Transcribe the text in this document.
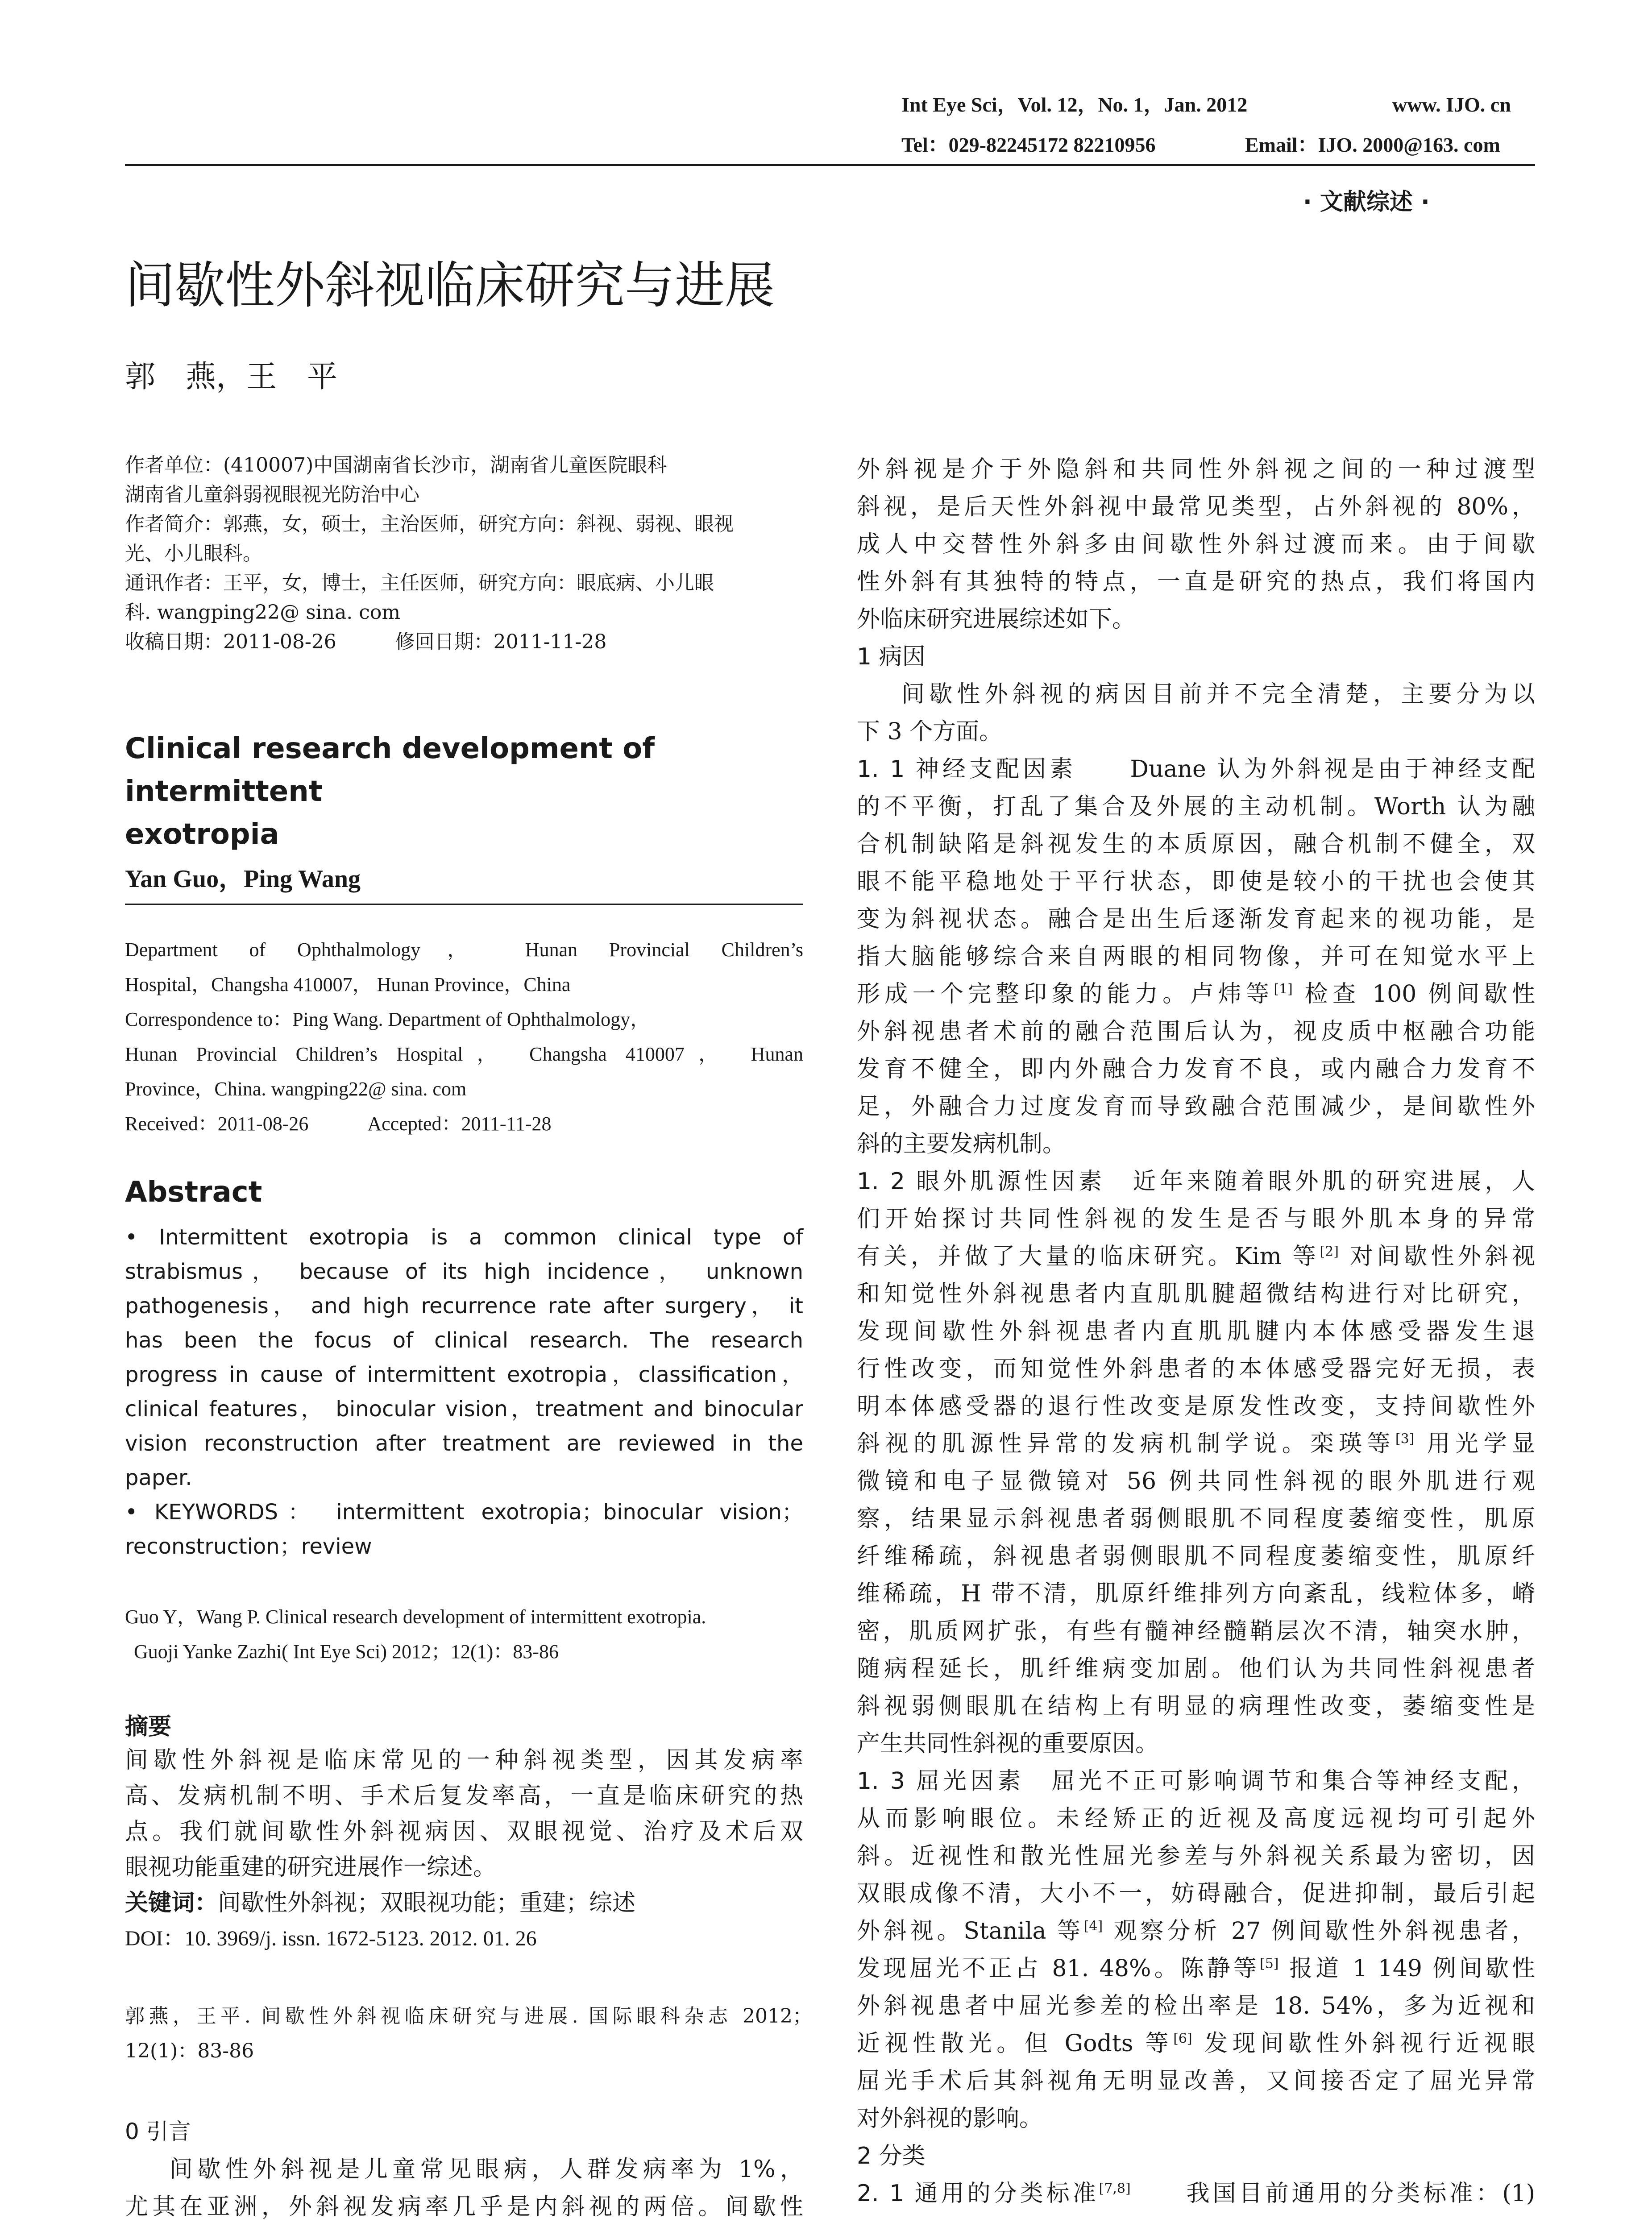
Int Eye Sci，Vol. 12，No. 1，Jan. 2012	www. IJO. cn
Tel：029-82245172 82210956	Email：IJO. 2000@163. com
· 文献综述 ·
间歇性外斜视临床研究与进展
郭　燕，王　平

作者单位：(410007)中国湖南省长沙市，湖南省儿童医院眼科

湖南省儿童斜弱视眼视光防治中心

作者简介：郭燕，女，硕士，主治医师，研究方向：斜视、弱视、眼视

光、小儿眼科。

通讯作者：王平，女，博士，主任医师，研究方向：眼底病、小儿眼

科. wangping22@ sina. com

收稿日期：2011-08-26　　　修回日期：2011-11-28

Clinical research development of intermittent
exotropia
Yan Guo，Ping Wang

Department of Ophthalmology， Hunan Provincial Children’s

Hospital，Changsha 410007， Hunan Province，China

Correspondence to：Ping Wang. Department of Ophthalmology，

Hunan Provincial Children’s Hospital， Changsha 410007， Hunan

Province，China. wangping22@ sina. com

Received：2011-08-26　　　Accepted：2011-11-28

Abstract

• Intermittent exotropia is a common clinical type of

strabismus， because of its high incidence， unknown

pathogenesis， and high recurrence rate after surgery， it

has been the focus of clinical research. The research

progress in cause of intermittent exotropia，classification，

clinical features， binocular vision，treatment and binocular

vision reconstruction after treatment are reviewed in the

paper.

• KEYWORDS： intermittent exotropia；binocular vision；

reconstruction；review

Guo Y，Wang P. Clinical research development of intermittent exotropia.

Guoji Yanke Zazhi( Int Eye Sci) 2012；12(1)：83-86

摘要

间歇性外斜视是临床常见的一种斜视类型，因其发病率

高、发病机制不明、手术后复发率高，一直是临床研究的热

点。我们就间歇性外斜视病因、双眼视觉、治疗及术后双

眼视功能重建的研究进展作一综述。

关键词：间歇性外斜视；双眼视功能；重建；综述

DOI：10. 3969/j. issn. 1672-5123. 2012. 01. 26

郭燕，王平. 间歇性外斜视临床研究与进展. 国际眼科杂志 2012；

12(1)：83-86

0 引言

间歇性外斜视是儿童常见眼病，人群发病率为 1%，

尤其在亚洲，外斜视发病率几乎是内斜视的两倍。间歇性

外斜视是介于外隐斜和共同性外斜视之间的一种过渡型

斜视，是后天性外斜视中最常见类型，占外斜视的 80%，

成人中交替性外斜多由间歇性外斜过渡而来。由于间歇

性外斜有其独特的特点，一直是研究的热点，我们将国内

外临床研究进展综述如下。

1 病因

间歇性外斜视的病因目前并不完全清楚，主要分为以

下 3 个方面。

1. 1 神经支配因素　　 Duane 认为外斜视是由于神经支配

的不平衡，打乱了集合及外展的主动机制。Worth 认为融

合机制缺陷是斜视发生的本质原因，融合机制不健全，双

眼不能平稳地处于平行状态，即使是较小的干扰也会使其

变为斜视状态。融合是出生后逐渐发育起来的视功能，是

指大脑能够综合来自两眼的相同物像，并可在知觉水平上

形成一个完整印象的能力。卢炜等[1] 检查 100 例间歇性

外斜视患者术前的融合范围后认为，视皮质中枢融合功能

发育不健全，即内外融合力发育不良，或内融合力发育不

足，外融合力过度发育而导致融合范围减少，是间歇性外

斜的主要发病机制。

1. 2 眼外肌源性因素　 近年来随着眼外肌的研究进展，人

们开始探讨共同性斜视的发生是否与眼外肌本身的异常

有关，并做了大量的临床研究。Kim 等[2] 对间歇性外斜视

和知觉性外斜视患者内直肌肌腱超微结构进行对比研究，

发现间歇性外斜视患者内直肌肌腱内本体感受器发生退

行性改变，而知觉性外斜患者的本体感受器完好无损，表

明本体感受器的退行性改变是原发性改变，支持间歇性外

斜视的肌源性异常的发病机制学说。栾瑛等[3] 用光学显

微镜和电子显微镜对 56 例共同性斜视的眼外肌进行观

察，结果显示斜视患者弱侧眼肌不同程度萎缩变性，肌原

纤维稀疏，斜视患者弱侧眼肌不同程度萎缩变性，肌原纤

维稀疏，H 带不清，肌原纤维排列方向紊乱，线粒体多，嵴

密，肌质网扩张，有些有髓神经髓鞘层次不清，轴突水肿，

随病程延长，肌纤维病变加剧。他们认为共同性斜视患者

斜视弱侧眼肌在结构上有明显的病理性改变，萎缩变性是

产生共同性斜视的重要原因。

1. 3 屈光因素　 屈光不正可影响调节和集合等神经支配，

从而影响眼位。未经矫正的近视及高度远视均可引起外

斜。近视性和散光性屈光参差与外斜视关系最为密切，因

双眼成像不清，大小不一，妨碍融合，促进抑制，最后引起

外斜视。Stanila 等[4] 观察分析 27 例间歇性外斜视患者，

发现屈光不正占 81. 48%。陈静等[5] 报道 1 149 例间歇性

外斜视患者中屈光参差的检出率是 18. 54%，多为近视和

近视性散光。但 Godts 等[6] 发现间歇性外斜视行近视眼

屈光手术后其斜视角无明显改善，又间接否定了屈光异常

对外斜视的影响。

2 分类

2. 1 通用的分类标准[7,8]　　 我国目前通用的分类标准：(1)
